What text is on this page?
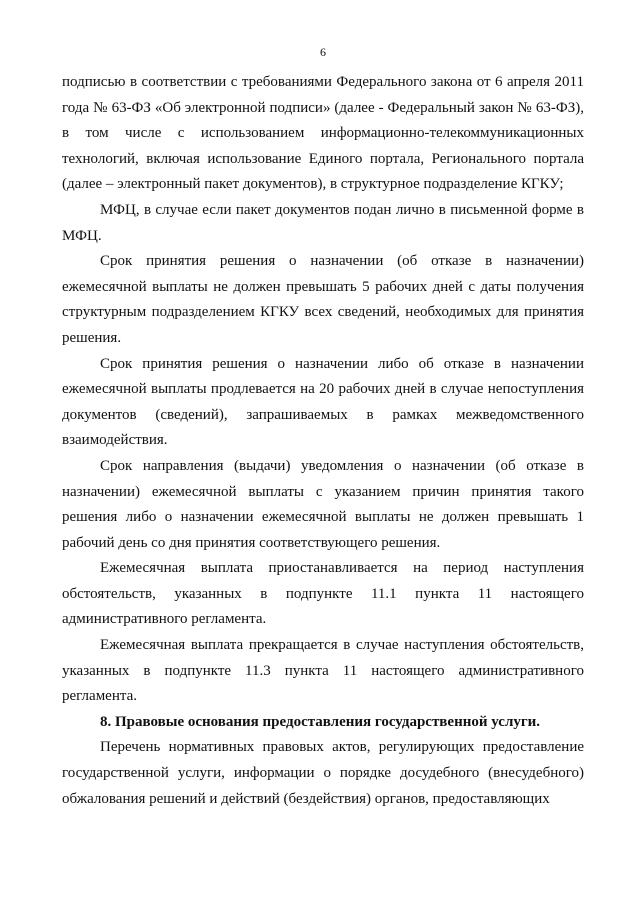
6

подписью в соответствии с требованиями Федерального закона от 6 апреля 2011 года № 63-ФЗ «Об электронной подписи» (далее - Федеральный закон № 63-ФЗ), в том числе с использованием информационно-телекоммуникационных технологий, включая использование Единого портала, Регионального портала (далее – электронный пакет документов), в структурное подразделение КГКУ;

МФЦ, в случае если пакет документов подан лично в письменной форме в МФЦ.

Срок принятия решения о назначении (об отказе в назначении) ежемесячной выплаты не должен превышать 5 рабочих дней с даты получения структурным подразделением КГКУ всех сведений, необходимых для принятия решения.

Срок принятия решения о назначении либо об отказе в назначении ежемесячной выплаты продлевается на 20 рабочих дней в случае непоступления документов (сведений), запрашиваемых в рамках межведомственного взаимодействия.

Срок направления (выдачи) уведомления о назначении (об отказе в назначении) ежемесячной выплаты с указанием причин принятия такого решения либо о назначении ежемесячной выплаты не должен превышать 1 рабочий день со дня принятия соответствующего решения.

Ежемесячная выплата приостанавливается на период наступления обстоятельств, указанных в подпункте 11.1 пункта 11 настоящего административного регламента.

Ежемесячная выплата прекращается в случае наступления обстоятельств, указанных в подпункте 11.3 пункта 11 настоящего административного регламента.

8. Правовые основания предоставления государственной услуги.

Перечень нормативных правовых актов, регулирующих предоставление государственной услуги, информации о порядке досудебного (внесудебного) обжалования решений и действий (бездействия) органов, предоставляющих
